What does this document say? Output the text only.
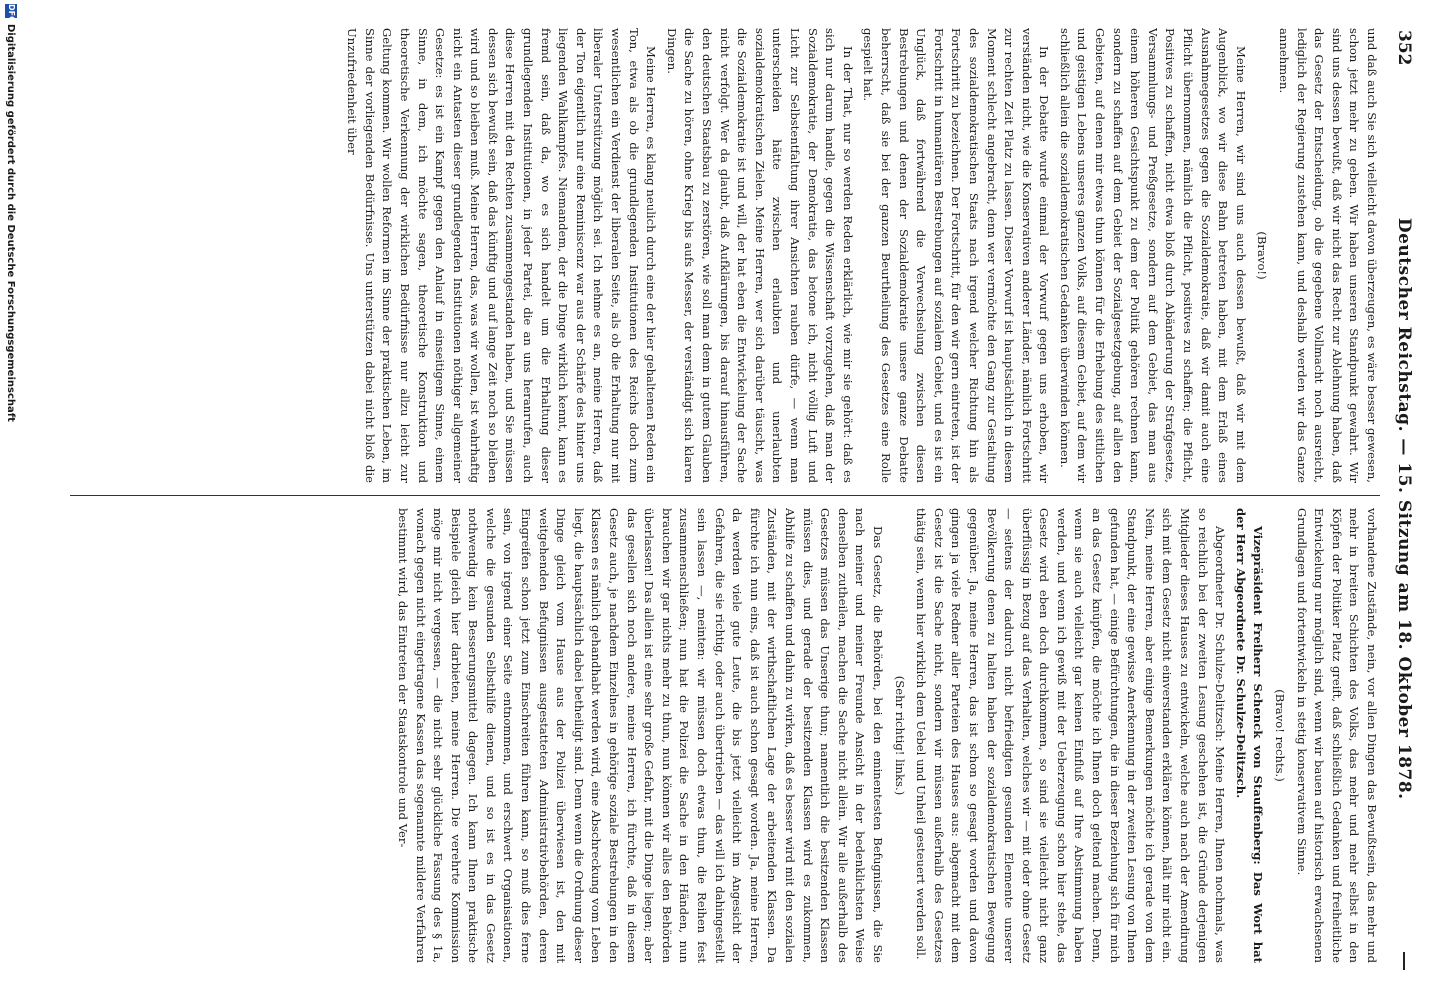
352
Deutscher Reichstag. — 15. Sitzung am 18. Oktober 1878.

und daß auch Sie sich vielleicht davon überzeugen, es wäre besser gewesen, schon jetzt mehr zu geben. Wir haben unseren Standpunkt gewahrt. Wir sind uns dessen bewußt, daß wir nicht das Recht zur Ablehnung haben, daß das Gesetz der Entscheidung, ob die gegebene Vollmacht noch ausreicht, lediglich der Regierung zustehen kann, und deshalb werden wir das Ganze annehmen.

(Bravo!)

Meine Herren, wir sind uns auch dessen bewußt, daß wir mit dem Augenblick, wo wir diese Bahn betreten haben, mit dem Erlaß eines Ausnahmegesetzes gegen die Sozialdemokratie, daß wir damit auch eine Pflicht übernommen, nämlich die Pflicht, positives zu schaffen; die Pflicht, Positives zu schaffen, nicht etwa bloß durch Abänderung der Strafgesetze, Versammlungs- und Preßgesetze, sondern auf dem Gebiet, das man aus einem höheren Gesichtspunkt zu dem der Politik gehören rechnen kann, sondern zu schaffen auf dem Gebiet der Sozialgesetzgebung, auf allen den Gebieten, auf denen mir etwas thun können für die Erhebung des sittlichen und geistigen Lebens unseres ganzen Volks, auf diesem Gebiet, auf dem wir schließlich allein die sozialdemokratischen Gedanken überwinden können.

In der Debatte wurde einmal der Vorwurf gegen uns erhoben, wir verständen nicht, wie die Konservativen anderer Länder, nämlich Fortschritt zur rechten Zeit Platz zu lassen. Dieser Vorwurf ist hauptsächlich in diesem Moment schlecht angebracht, denn wer vermöchte den Gang zur Gestaltung des sozialdemokratischen Staats nach irgend welcher Richtung hin als Fortschritt zu bezeichnen. Der Fortschritt, für den wir gern eintreten, ist der Fortschritt in humanitären Bestrebungen auf sozialem Gebiet, und es ist ein Unglück, daß fortwährend die Verwechselung zwischen diesen Bestrebungen und denen der Sozialdemokratie unsere ganze Debatte beherrscht, daß sie bei der ganzen Beurtheilung des Gesetzes eine Rolle gespielt hat.

In der That, nur so werden Reden erklärlich, wie mir sie gehört: daß es sich nur darum handle, gegen die Wissenschaft vorzugehen, daß man der Sozialdemokratie, der Demokratie, das betone ich, nicht völlig Luft und Licht zur Selbstentfaltung ihrer Ansichten rauben dürfe, — wenn man unterscheiden hätte zwischen erlaubten und unerlaubten sozialdemokratischen Zielen. Meine Herren, wer sich darüber täuscht, was die Sozialdemokratie ist und will, der hat eben die Entwickelung der Sache nicht verfolgt. Wer da glaubt, daß Aufklärungen, bis darauf hinausführen, den deutschen Staatsbau zu zerstören, wie soll man denn in gutem Glauben die Sache zu hören, ohne Krieg bis aufs Messer, der verständigt sich klaren Dingen.

Meine Herren, es klang neulich durch eine der hier gehaltenen Reden ein Ton, etwa als ob die grundlegenden Institutionen des Reichs doch zum wesentlichen ein Verdienst der liberalen Seite, als ob die Erhaltung nur mit liberaler Unterstützung möglich sei. Ich nehme es an, meine Herren, daß der Ton eigentlich nur eine Reminiscenz war aus der Schärfe des hinter uns liegenden Wahlkampfes. Niemandem, der die Dinge wirklich kennt, kann es fremd sein, daß da, wo es sich handelt um die Erhaltung dieser grundlegenden Institutionen, in jeder Partei, die an uns heranrufen, auch diese Herren mit den Rechten zusammengestanden haben, und Sie müssen dessen sich bewußt sein, daß das künftig und auf lange Zeit noch so bleiben wird und so bleiben muß. Meine Herren, das, was wir wollen, ist wahrhaftig nicht ein Antasten dieser grundlegenden Institutionen nöthiger allgemeiner Gesetze: es ist ein Kampf gegen den Anlauf in einseitigem Sinne, einem Sinne, in dem, ich möchte sagen, theoretische Konstruktion und theoretische Verkennung der wirklichen Bedürfnisse nur allzu leicht zur Geltung kommen. Wir wollen Reformen im Sinne der praktischen Leben, im Sinne der vorliegenden Bedürfnisse. Uns unterstützen dabei nicht bloß die Unzufriedenheit über

vorhandene Zustände, nein, vor allen Dingen das Bewußtsein, das mehr und mehr in breiten Schichten des Volks, das mehr und mehr selbst in den Köpfen der Politiker Platz greift, daß schließlich Gedanken und freiheitliche Entwickelung nur möglich sind, wenn wir bauen auf historisch erwachsenen Grundlagen und fortentwickeln in stetig konservativem Sinne.

(Bravo! rechts.)

Vizepräsident Freiherr Schenck von Stauffenberg: Das Wort hat der Herr Abgeordnete Dr. Schulze-Delitzsch.

Abgeordneter Dr. Schulze-Delitzsch: Meine Herren, Ihnen nochmals, was so reichlich bei der zweiten Lesung geschehen ist, die Gründe derjenigen Mitglieder dieses Hauses zu entwickeln, welche auch nach der Amendirung sich mit dem Gesetz nicht einverstanden erklären können, hält mir nicht ein. Nein, meine Herren, aber einige Bemerkungen möchte ich gerade von dem Standpunkt, der eine gewisse Anerkennung in der zweiten Lesung von Ihnen gefunden hat, — einige Befürchtungen, die in dieser Beziehung sich für mich an das Gesetz knüpfen, die möchte ich Ihnen doch geltend machen. Denn, wenn sie auch vielleicht gar keinen Einfluß auf Ihre Abstimmung haben werden, und wenn ich gewiß mit der Ueberzeugung schon hier stehe, das Gesetz wird eben doch durchkommen, so sind sie vielleicht nicht ganz überflüssig in Bezug auf das Verhalten, welches wir — mit oder ohne Gesetz — seitens der dadurch nicht befriedigten gesunden Elemente unserer Bevölkerung denen zu halten haben der sozialdemokratischen Bewegung gegenüber. Ja, meine Herren, das ist schon so gesagt worden und davon gingen ja viele Redner aller Parteien des Hauses aus: abgemacht mit dem Gesetz ist die Sache nicht, sondern wir müssen außerhalb des Gesetzes thätig sein, wenn hier wirklich dem Uebel und Unheil gesteuert werden soll.

(Sehr richtig! links.)

Das Gesetz, die Behörden, bei den eminentesten Befugnissen, die Sie nach meiner und meiner Freunde Ansicht in der bedenklichsten Weise denselben zutheilen, machen die Sache nicht allein. Wir alle außerhalb des Gesetzes müssen das Unserige thun; namentlich die besitzenden Klassen müssen dies, und gerade der besitzenden Klassen wird es zukommen, Abhilfe zu schaffen und dahin zu wirken, daß es besser wird mit den sozialen Zuständen, mit der wirthschaftlichen Lage der arbeitenden Klassen. Da fürchte ich nun eins, daß ist auch schon gesagt worden. Ja, meine Herren, da werden viele gute Leute, die bis jetzt vielleicht im Angesicht der Gefahren, die sie richtig, oder auch übertrieben — das will ich dahingestellt sein lassen —, meinten: wir müssen doch etwas thun, die Reihen fest zusammenschließen; nun hat die Polizei die Sache in den Händen, nun brauchen wir gar nichts mehr zu thun, nun können wir alles den Behörden überlassen! Das allein ist eine sehr große Gefahr, mit die Dinge liegen; aber das gesellen sich noch andere, meine Herren, ich fürchte, daß in diesem Gesetz auch, je nachdem Einzelnes in gehörige soziale Bestrebungen in den Klassen es nämlich gehandhabt werden wird, eine Abschreckung vom Leben liegt, die hauptsächlich dabei betheiligt sind. Denn wenn die Ordnung dieser Dinge gleich vom Hause aus der Polizei überwiesen ist, den mit weitgehenden Befugnissen ausgestatteten Administrativbehörden, deren Eingreifen schon jetzt zum Einschreiten führen kann, so muß dies ferne sein, von irgend einer Seite entnommen, und erschwert Organisationen, welche die gesunden Selbsthilfe dienen, und so ist es in das Gesetz nothwendig kein Besserungsmittel dagegen. Ich kann Ihnen praktische Beispiele gleich hier darbieten, meine Herren. Die verehrte Kommission möge mir nicht vergessen, — die nicht sehr glückliche Fassung des § 1a, wonach gegen nicht eingetragene Kassen das sogenannte mildere Verfahren bestimmt wird, das Eintreten der Staatskontrole und Ver-

DFG
Digitalisierung gefördert durch die Deutsche Forschungsgemeinschaft
